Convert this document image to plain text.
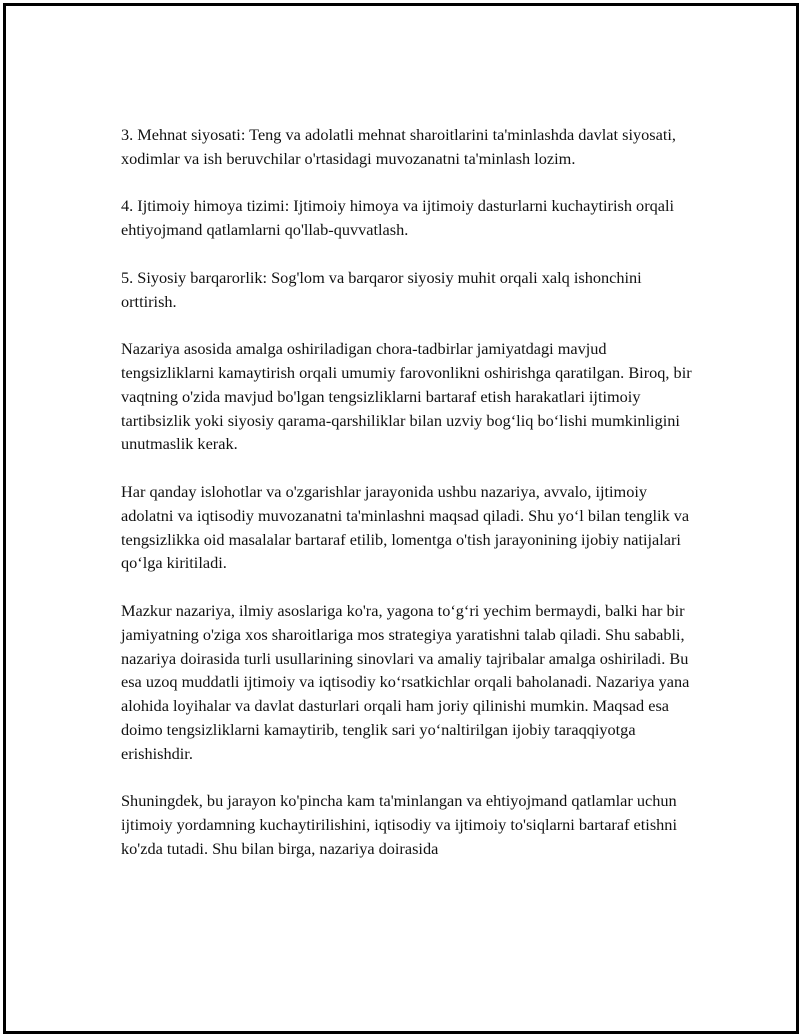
3. Mehnat siyosati: Teng va adolatli mehnat sharoitlarini ta'minlashda davlat siyosati, xodimlar va ish beruvchilar o'rtasidagi muvozanatni ta'minlash lozim.

4. Ijtimoiy himoya tizimi: Ijtimoiy himoya va ijtimoiy dasturlarni kuchaytirish orqali ehtiyojmand qatlamlarni qo'llab-quvvatlash.

5. Siyosiy barqarorlik: Sog'lom va barqaror siyosiy muhit orqali xalq ishonchini orttirish.

Nazariya asosida amalga oshiriladigan chora-tadbirlar jamiyatdagi mavjud tengsizliklarni kamaytirish orqali umumiy farovonlikni oshirishga qaratilgan. Biroq, bir vaqtning o'zida mavjud bo'lgan tengsizliklarni bartaraf etish harakatlari ijtimoiy tartibsizlik yoki siyosiy qarama-qarshiliklar bilan uzviy bog‘liq bo‘lishi mumkinligini unutmaslik kerak.

Har qanday islohotlar va o'zgarishlar jarayonida ushbu nazariya, avvalo, ijtimoiy adolatni va iqtisodiy muvozanatni ta'minlashni maqsad qiladi. Shu yo‘l bilan tenglik va tengsizlikka oid masalalar bartaraf etilib, lomentga o'tish jarayonining ijobiy natijalari qo‘lga kiritiladi.

Mazkur nazariya, ilmiy asoslariga ko'ra, yagona to‘g‘ri yechim bermaydi, balki har bir jamiyatning o'ziga xos sharoitlariga mos strategiya yaratishni talab qiladi. Shu sababli, nazariya doirasida turli usullarining sinovlari va amaliy tajribalar amalga oshiriladi. Bu esa uzoq muddatli ijtimoiy va iqtisodiy ko‘rsatkichlar orqali baholanadi. Nazariya yana alohida loyihalar va davlat dasturlari orqali ham joriy qilinishi mumkin. Maqsad esa doimo tengsizliklarni kamaytirib, tenglik sari yo‘naltirilgan ijobiy taraqqiyotga erishishdir.

Shuningdek, bu jarayon ko'pincha kam ta'minlangan va ehtiyojmand qatlamlar uchun ijtimoiy yordamning kuchaytirilishini, iqtisodiy va ijtimoiy to'siqlarni bartaraf etishni ko'zda tutadi. Shu bilan birga, nazariya doirasida
